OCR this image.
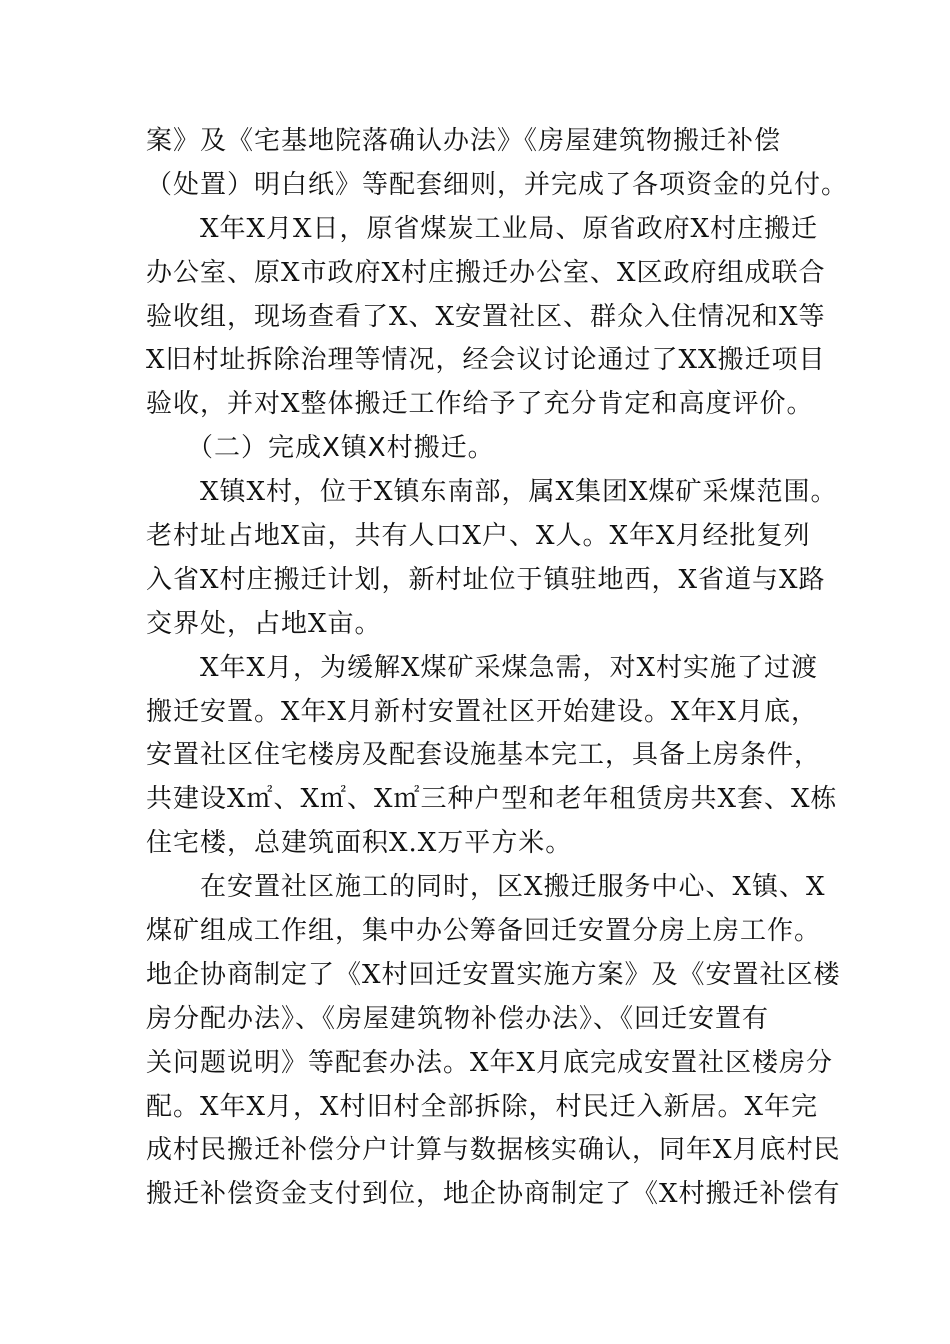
案》及《宅基地院落确认办法》《房屋建筑物搬迁补偿
（处置）明白纸》等配套细则，并完成了各项资金的兑付。
　　X年X月X日，原省煤炭工业局、原省政府X村庄搬迁
办公室、原X市政府X村庄搬迁办公室、X区政府组成联合
验收组，现场查看了X、X安置社区、群众入住情况和X等
X旧村址拆除治理等情况，经会议讨论通过了XX搬迁项目
验收，并对X整体搬迁工作给予了充分肯定和高度评价。
　　（二）完成X镇X村搬迁。
　　X镇X村，位于X镇东南部，属X集团X煤矿采煤范围。
老村址占地X亩，共有人口X户、X人。X年X月经批复列
入省X村庄搬迁计划，新村址位于镇驻地西，X省道与X路
交界处，占地X亩。
　　X年X月，为缓解X煤矿采煤急需，对X村实施了过渡
搬迁安置。X年X月新村安置社区开始建设。X年X月底，
安置社区住宅楼房及配套设施基本完工，具备上房条件，
共建设X㎡、X㎡、X㎡三种户型和老年租赁房共X套、X栋
住宅楼，总建筑面积X.X万平方米。
　　在安置社区施工的同时，区X搬迁服务中心、X镇、X
煤矿组成工作组，集中办公筹备回迁安置分房上房工作。
地企协商制定了《X村回迁安置实施方案》及《安置社区楼
房分配办法》、《房屋建筑物补偿办法》、《回迁安置有
关问题说明》等配套办法。X年X月底完成安置社区楼房分
配。X年X月，X村旧村全部拆除，村民迁入新居。X年完
成村民搬迁补偿分户计算与数据核实确认，同年X月底村民
搬迁补偿资金支付到位，地企协商制定了《X村搬迁补偿有
